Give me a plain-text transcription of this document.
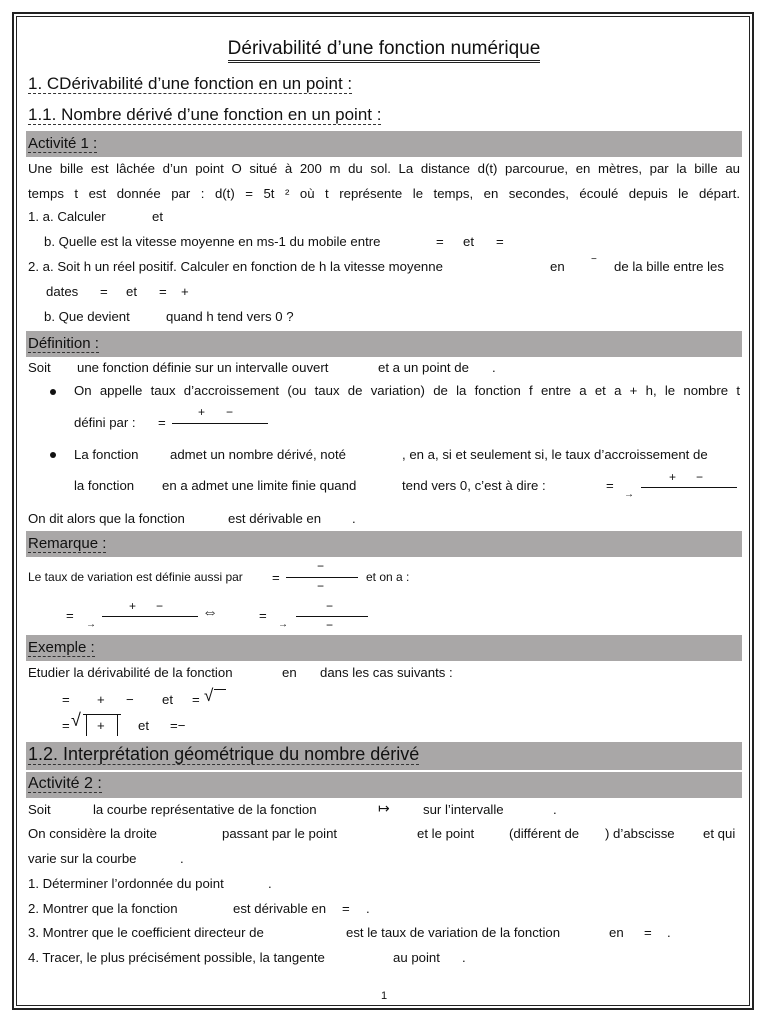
Dérivabilité d’une fonction numérique
1. CDérivabilité d’une fonction en un point :
1.1. Nombre dérivé d’une fonction en un point :
Activité 1 :
Une bille est lâchée d’un point O situé à 200 m du sol. La distance d(t) parcourue, en mètres, par la bille au
temps t est donnée par : d(t) = 5t ² où t représente le temps, en secondes, écoulé depuis le départ.
1. a. Calculer	et
b. Quelle est la vitesse moyenne en ms-1 du mobile entre	= et =
2. a. Soit h un réel positif. Calculer en fonction de h la vitesse moyenne	en	− de la bille entre les
dates = et = +
b. Que devient	quand h tend vers 0 ?
Définition :
Soit une fonction définie sur un intervalle ouvert	et a un point de .
On appelle taux d’accroissement (ou taux de variation) de la fonction f entre a et a + h, le nombre t
défini par : =
+ −
La fonction admet un nombre dérivé, noté	, en a, si et seulement si, le taux d’accroissement de
la fonction en a admet une limite finie quand	tend vers 0, c’est à dire :	=
→
+ −
On dit alors que la fonction	est dérivable en .
Remarque :
Le taux de variation est définie aussi par =
−
−
et on a :
=
→
+ − ⇔	=
→
−
−
Exemple :
Etudier la dérivabilité de la fonction	en dans les cas suivants :
= + − et = √
= √ +	et =−
1.2. Interprétation géométrique du nombre dérivé
Activité 2 :
Soit	la courbe représentative de la fonction	↦	sur l’intervalle	.
On considère la droite	passant par le point	et le point	(différent de ) d’abscisse et qui
varie sur la courbe	.
1. Déterminer l’ordonnée du point	.
2. Montrer que la fonction	est dérivable en = .
3. Montrer que le coefficient directeur de	est le taux de variation de la fonction	en = .
4. Tracer, le plus précisément possible, la tangente	au point .
1
